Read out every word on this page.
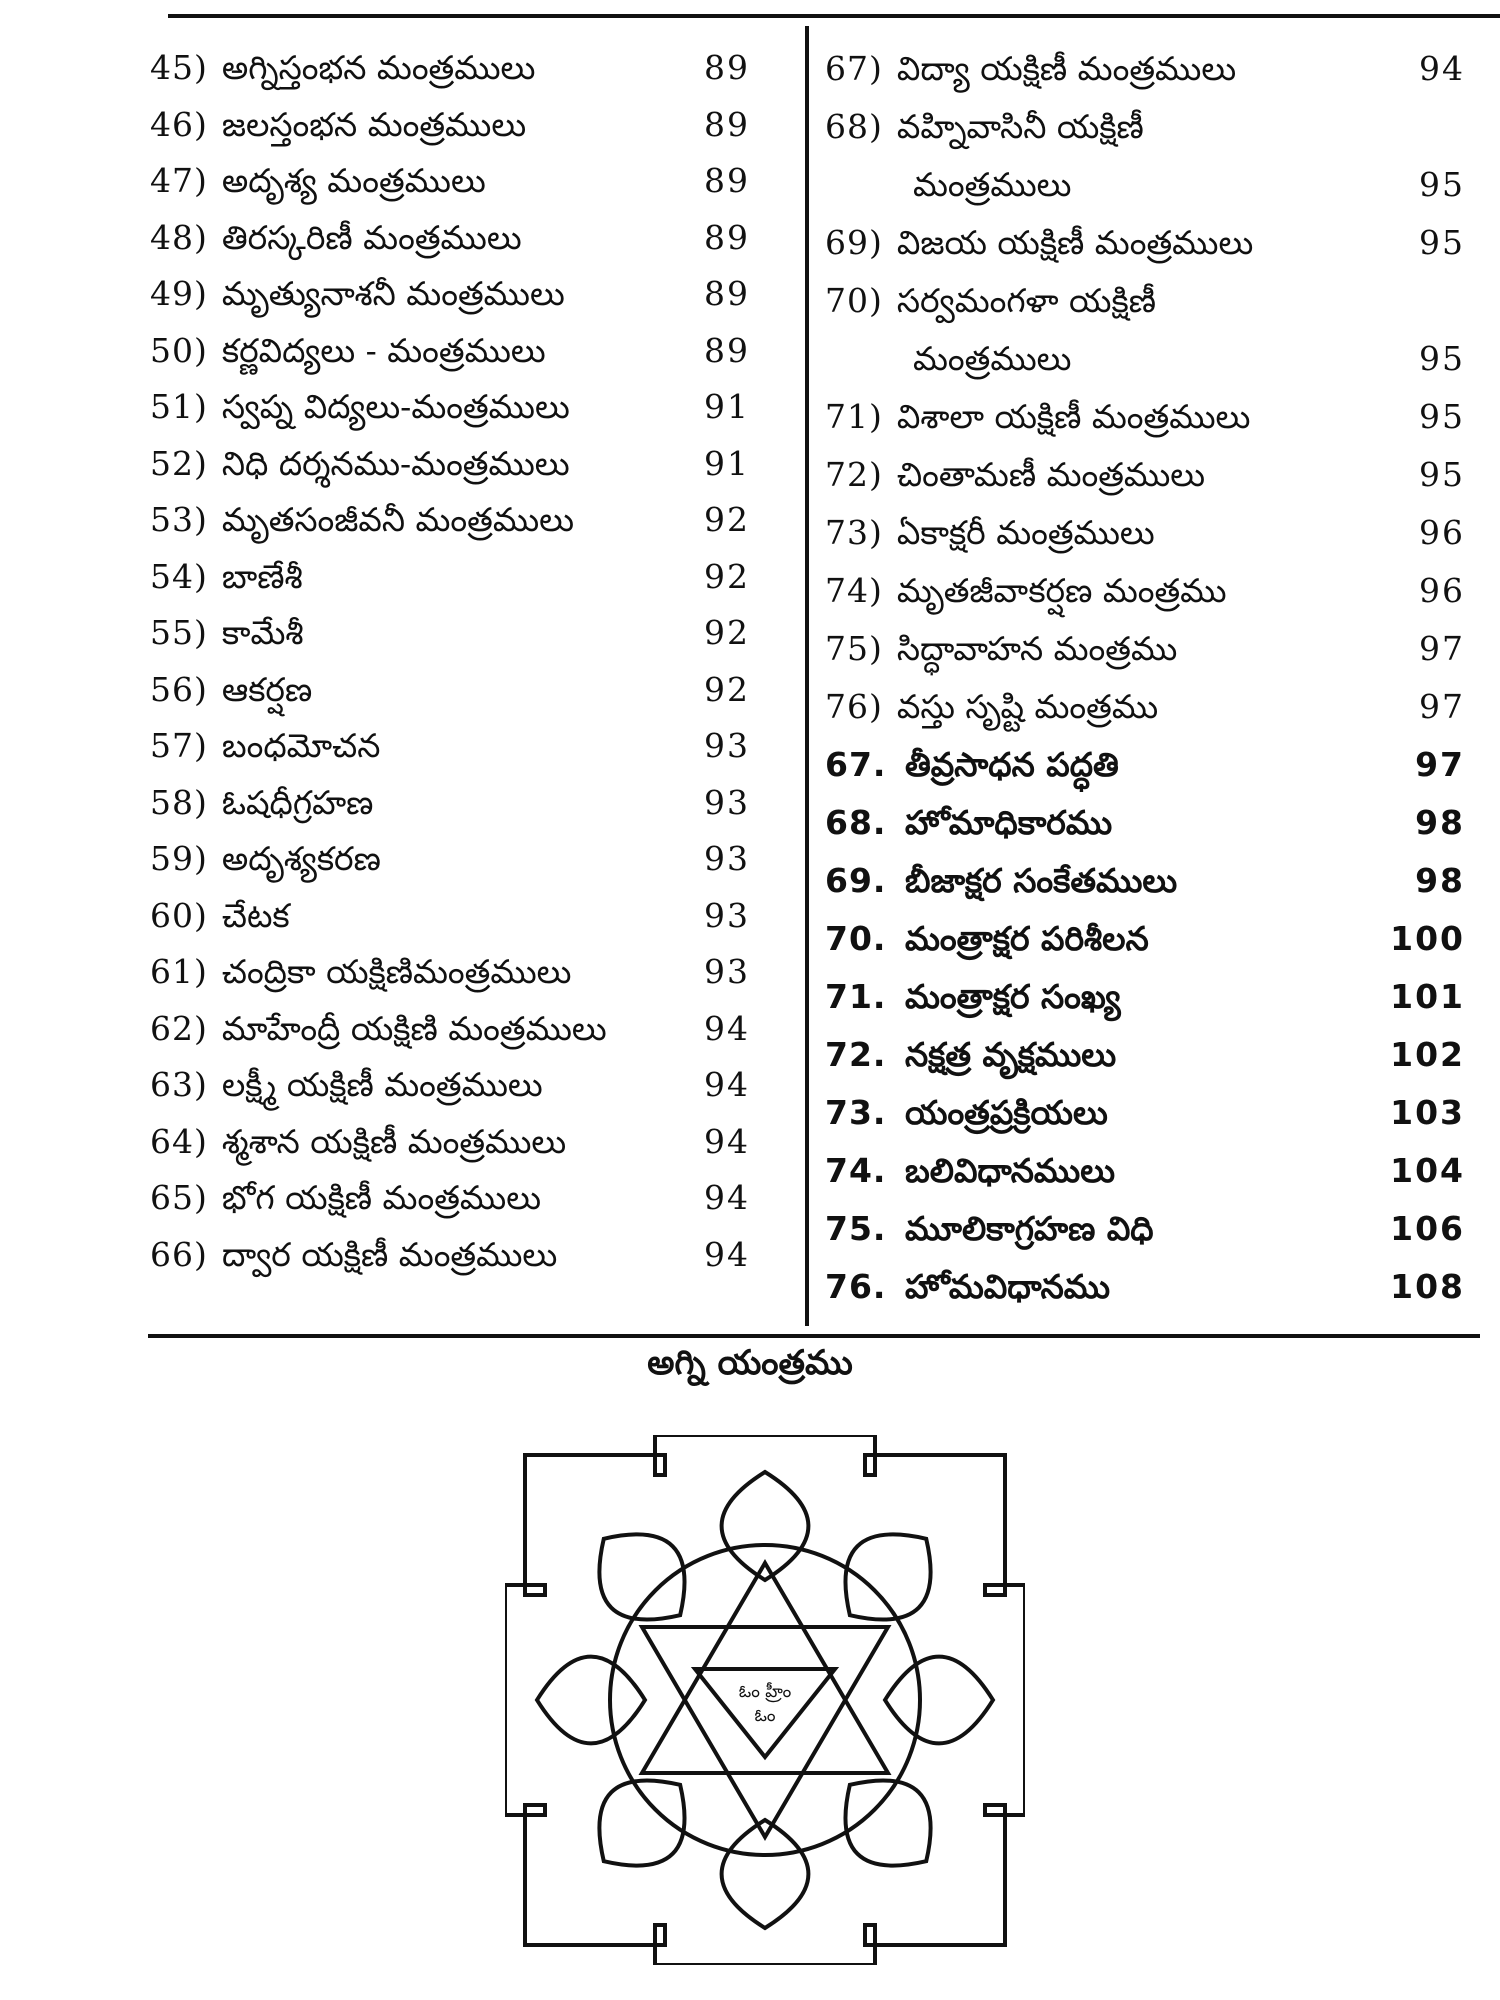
45) అగ్నిస్తంభన మంత్రములు	89
46) జలస్తంభన మంత్రములు	89
47) అదృశ్య మంత్రములు	89
48) తిరస్కరిణీ మంత్రములు	89
49) మృత్యునాశనీ మంత్రములు	89
50) కర్ణవిద్యలు - మంత్రములు	89
51) స్వప్న విద్యలు-మంత్రములు	91
52) నిధి దర్శనము-మంత్రములు	91
53) మృతసంజీవనీ మంత్రములు	92
54) బాణేశీ	92
55) కామేశీ	92
56) ఆకర్షణ	92
57) బంధమోచన	93
58) ఓషధీగ్రహణ	93
59) అదృశ్యకరణ	93
60) చేటక	93
61) చంద్రికా యక్షిణిమంత్రములు	93
62) మాహేంద్రీ యక్షిణి మంత్రములు	94
63) లక్ష్మీ యక్షిణీ మంత్రములు	94
64) శ్మశాన యక్షిణీ మంత్రములు	94
65) భోగ యక్షిణీ మంత్రములు	94
66) ద్వార యక్షిణీ మంత్రములు	94
67) విద్యా యక్షిణీ మంత్రములు	94
68) వహ్నివాసినీ యక్షిణీ
మంత్రములు	95
69) విజయ యక్షిణీ మంత్రములు	95
70) సర్వమంగళా యక్షిణీ
మంత్రములు	95
71) విశాలా యక్షిణీ మంత్రములు	95
72) చింతామణీ మంత్రములు	95
73) ఏకాక్షరీ మంత్రములు	96
74) మృతజీవాకర్షణ మంత్రము	96
75) సిద్ధావాహన మంత్రము	97
76) వస్తు సృష్టి మంత్రము	97
67. తీవ్రసాధన పద్ధతి	97
68. హోమాధికారము	98
69. బీజాక్షర సంకేతములు	98
70. మంత్రాక్షర పరిశీలన	100
71. మంత్రాక్షర సంఖ్య	101
72. నక్షత్ర వృక్షములు	102
73. యంత్రప్రక్రియలు	103
74. బలివిధానములు	104
75. మూలికాగ్రహణ విధి	106
76. హోమవిధానము	108
అగ్ని యంత్రము
ఓం హ్రీం
ఓం
